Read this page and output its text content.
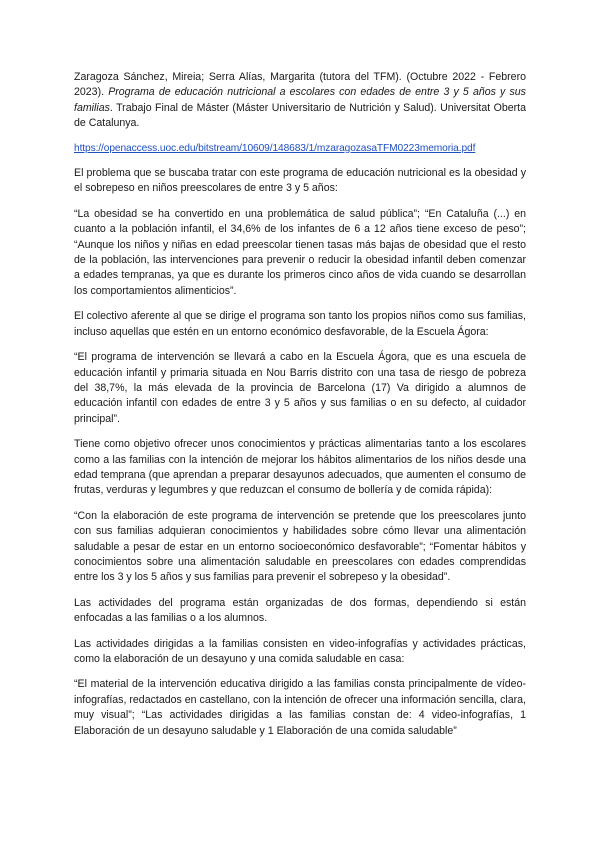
Zaragoza Sánchez, Mireia; Serra Alías, Margarita (tutora del TFM). (Octubre 2022 - Febrero 2023). Programa de educación nutricional a escolares con edades de entre 3 y 5 años y sus familias. Trabajo Final de Máster (Máster Universitario de Nutrición y Salud). Universitat Oberta de Catalunya.

https://openaccess.uoc.edu/bitstream/10609/148683/1/mzaragozasaTFM0223memoria.pdf

El problema que se buscaba tratar con este programa de educación nutricional es la obesidad y el sobrepeso en niños preescolares de entre 3 y 5 años:

“La obesidad se ha convertido en una problemática de salud pública”; “En Cataluña (...) en cuanto a la población infantil, el 34,6% de los infantes de 6 a 12 años tiene exceso de peso”; “Aunque los niños y niñas en edad preescolar tienen tasas más bajas de obesidad que el resto de la población, las intervenciones para prevenir o reducir la obesidad infantil deben comenzar a edades tempranas, ya que es durante los primeros cinco años de vida cuando se desarrollan los comportamientos alimenticios”.

El colectivo aferente al que se dirige el programa son tanto los propios niños como sus familias, incluso aquellas que estén en un entorno económico desfavorable, de la Escuela Ágora:

“El programa de intervención se llevará a cabo en la Escuela Ágora, que es una escuela de educación infantil y primaria situada en Nou Barris distrito con una tasa de riesgo de pobreza del 38,7%, la más elevada de la provincia de Barcelona (17) Va dirigido a alumnos de educación infantil con edades de entre 3 y 5 años y sus familias o en su defecto, al cuidador principal”.

Tiene como objetivo ofrecer unos conocimientos y prácticas alimentarias tanto a los escolares como a las familias con la intención de mejorar los hábitos alimentarios de los niños desde una edad temprana (que aprendan a preparar desayunos adecuados, que aumenten el consumo de frutas, verduras y legumbres y que reduzcan el consumo de bollería y de comida rápida):

“Con la elaboración de este programa de intervención se pretende que los preescolares junto con sus familias adquieran conocimientos y habilidades sobre cómo llevar una alimentación saludable a pesar de estar en un entorno socioeconómico desfavorable”; “Fomentar hábitos y conocimientos sobre una alimentación saludable en preescolares con edades comprendidas entre los 3 y los 5 años y sus familias para prevenir el sobrepeso y la obesidad”.

Las actividades del programa están organizadas de dos formas, dependiendo si están enfocadas a las familias o a los alumnos.

Las actividades dirigidas a la familias consisten en video-infografías y actividades prácticas, como la elaboración de un desayuno y una comida saludable en casa:

“El material de la intervención educativa dirigido a las familias consta principalmente de vídeo-infografías, redactados en castellano, con la intención de ofrecer una información sencilla, clara, muy visual”; “Las actividades dirigidas a las familias constan de: 4 video-infografías, 1 Elaboración de un desayuno saludable y 1 Elaboración de una comida saludable”
